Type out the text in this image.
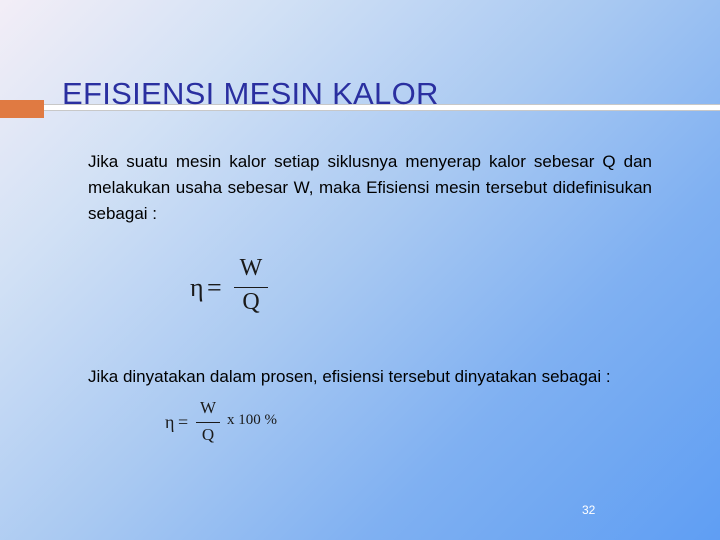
EFISIENSI MESIN KALOR

Jika suatu mesin kalor setiap siklusnya menyerap kalor sebesar Q dan melakukan usaha sebesar W, maka Efisiensi mesin tersebut didefinisukan sebagai :

η =
W
Q

Jika dinyatakan dalam prosen, efisiensi tersebut dinyatakan sebagai :

η =
W
Q
x 100 %
32
